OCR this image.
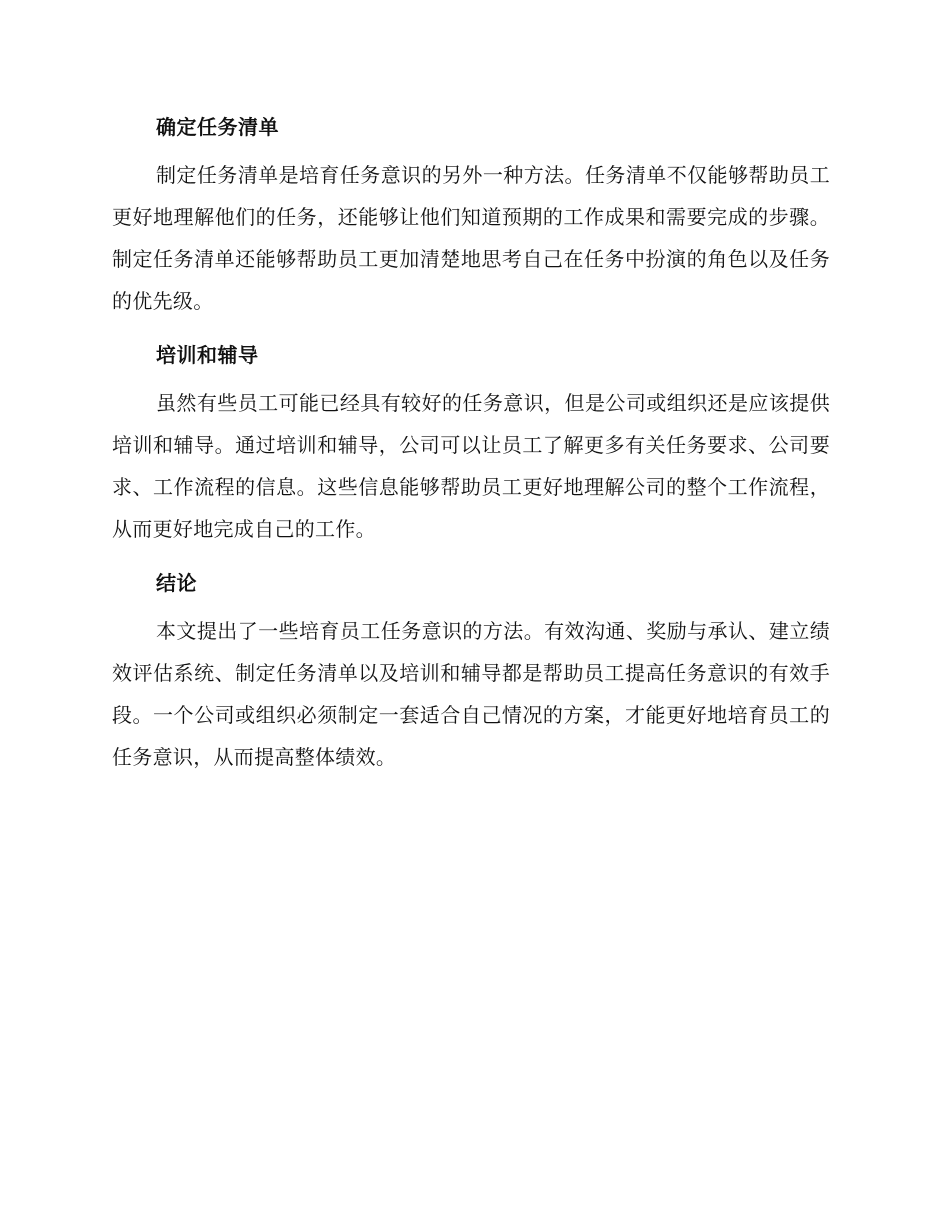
确定任务清单

制定任务清单是培育任务意识的另外一种方法。任务清单不仅能够帮助员工更好地理解他们的任务，还能够让他们知道预期的工作成果和需要完成的步骤。制定任务清单还能够帮助员工更加清楚地思考自己在任务中扮演的角色以及任务的优先级。

培训和辅导

虽然有些员工可能已经具有较好的任务意识，但是公司或组织还是应该提供培训和辅导。通过培训和辅导，公司可以让员工了解更多有关任务要求、公司要求、工作流程的信息。这些信息能够帮助员工更好地理解公司的整个工作流程，从而更好地完成自己的工作。

结论

本文提出了一些培育员工任务意识的方法。有效沟通、奖励与承认、建立绩效评估系统、制定任务清单以及培训和辅导都是帮助员工提高任务意识的有效手段。一个公司或组织必须制定一套适合自己情况的方案，才能更好地培育员工的任务意识，从而提高整体绩效。
